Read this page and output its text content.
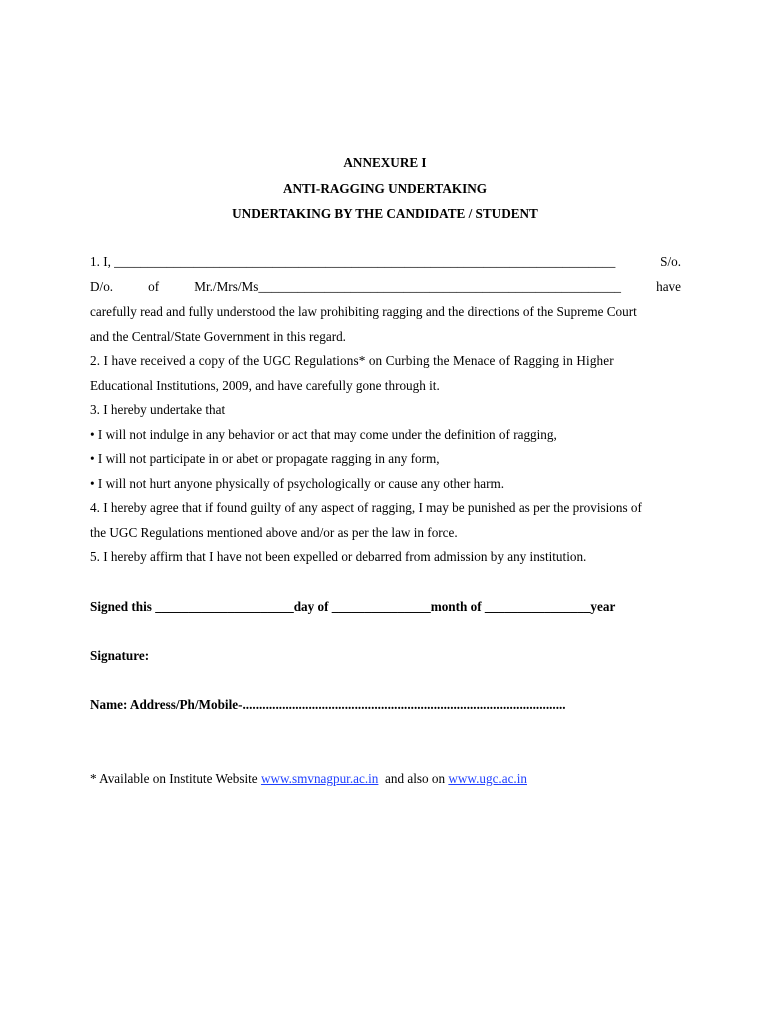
ANNEXURE I
ANTI-RAGGING UNDERTAKING
UNDERTAKING BY THE CANDIDATE / STUDENT
1. I, ____________________________________________________________________________	S/o.
D/o.	of	Mr./Mrs/Ms_______________________________________________________	have
carefully read and fully understood the law prohibiting ragging and the directions of the Supreme Court
and the Central/State Government in this regard.
2. I have received a copy of the UGC Regulations* on Curbing the Menace of Ragging in Higher
Educational Institutions, 2009, and have carefully gone through it.
3. I hereby undertake that
• I will not indulge in any behavior or act that may come under the definition of ragging,
• I will not participate in or abet or propagate ragging in any form,
• I will not hurt anyone physically of psychologically or cause any other harm.
4. I hereby agree that if found guilty of any aspect of ragging, I may be punished as per the provisions of
the UGC Regulations mentioned above and/or as per the law in force.
5. I hereby affirm that I have not been expelled or debarred from admission by any institution.
Signed this _____________________day of _______________month of ________________year
Signature:
Name: Address/Ph/Mobile-..................................................................................................
* Available on Institute Website www.smvnagpur.ac.in  and also on www.ugc.ac.in
